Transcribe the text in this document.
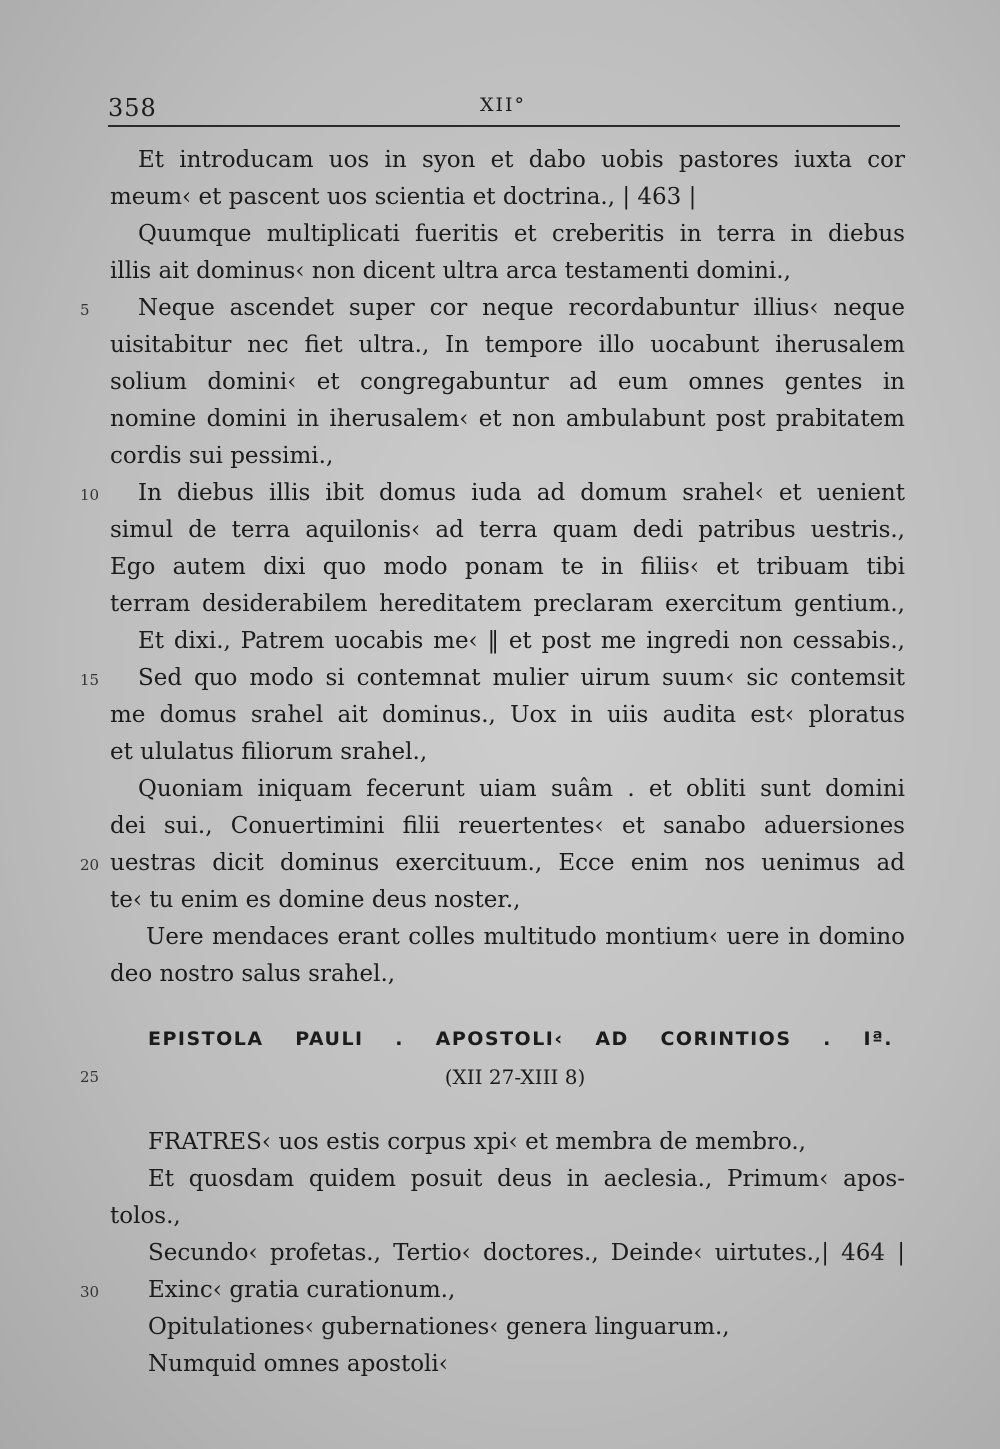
358	XII°
Et introducam uos in syon et dabo uobis pastores iuxta cor
meum‹ et pascent uos scientia et doctrina., | 463 |
Quumque multiplicati fueritis et creberitis in terra in diebus
illis ait dominus‹ non dicent ultra arca testamenti domini.,
Neque ascendet super cor neque recordabuntur illius‹ neque
5
uisitabitur nec fiet ultra., In tempore illo uocabunt iherusalem
solium domini‹ et congregabuntur ad eum omnes gentes in
nomine domini in iherusalem‹ et non ambulabunt post prabitatem
cordis sui pessimi.,
In diebus illis ibit domus iuda ad domum srahel‹ et uenient
10
simul de terra aquilonis‹ ad terra quam dedi patribus uestris.,
Ego autem dixi quo modo ponam te in filiis‹ et tribuam tibi
terram desiderabilem hereditatem preclaram exercitum gentium.,
Et dixi., Patrem uocabis me‹ ‖ et post me ingredi non cessabis.,
Sed quo modo si contemnat mulier uirum suum‹ sic contemsit
15
me domus srahel ait dominus., Uox in uiis audita est‹ ploratus
et ululatus filiorum srahel.,
Quoniam iniquam fecerunt uiam suâm . et obliti sunt domini
dei sui., Conuertimini filii reuertentes‹ et sanabo aduersiones
uestras dicit dominus exercituum., Ecce enim nos uenimus ad
20
te‹ tu enim es domine deus noster.,
Uere mendaces erant colles multitudo montium‹ uere in domino
deo nostro salus srahel.,
EPISTOLA PAULI . APOSTOLI‹ AD CORINTIOS . Iª.
25	(XII 27-XIII 8)
FRATRES‹ uos estis corpus xpi‹ et membra de membro.,
Et quosdam quidem posuit deus in aeclesia., Primum‹ apos-
tolos.,
Secundo‹ profetas., Tertio‹ doctores., Deinde‹ uirtutes.,| 464 |
Exinc‹ gratia curationum.,
30
Opitulationes‹ gubernationes‹ genera linguarum.,
Numquid omnes apostoli‹
